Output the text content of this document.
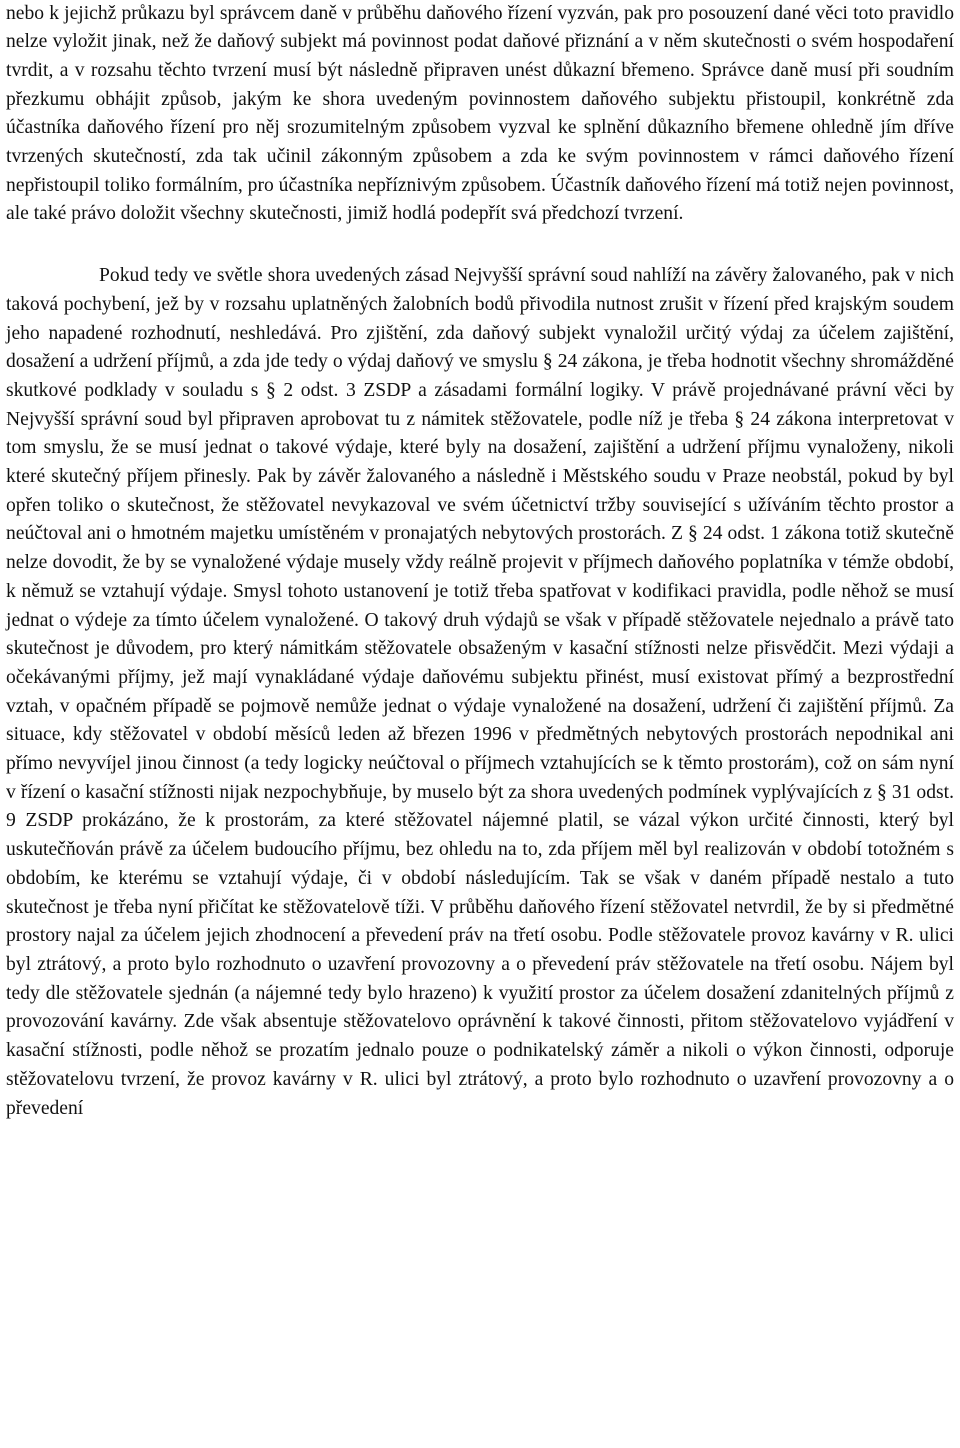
nebo k jejichž průkazu byl správcem daně v průběhu daňového řízení vyzván, pak pro posouzení dané věci toto pravidlo nelze vyložit jinak, než že daňový subjekt má povinnost podat daňové přiznání a v něm skutečnosti o svém hospodaření tvrdit, a v rozsahu těchto tvrzení musí být následně připraven unést důkazní břemeno. Správce daně musí při soudním přezkumu obhájit způsob, jakým ke shora uvedeným povinnostem daňového subjektu přistoupil, konkrétně zda účastníka daňového řízení pro něj srozumitelným způsobem vyzval ke splnění důkazního břemene ohledně jím dříve tvrzených skutečností, zda tak učinil zákonným způsobem a zda ke svým povinnostem v rámci daňového řízení nepřistoupil toliko formálním, pro účastníka nepříznivým způsobem. Účastník daňového řízení má totiž nejen povinnost, ale také právo doložit všechny skutečnosti, jimiž hodlá podepřít svá předchozí tvrzení.

Pokud tedy ve světle shora uvedených zásad Nejvyšší správní soud nahlíží na závěry žalovaného, pak v nich taková pochybení, jež by v rozsahu uplatněných žalobních bodů přivodila nutnost zrušit v řízení před krajským soudem jeho napadené rozhodnutí, neshledává. Pro zjištění, zda daňový subjekt vynaložil určitý výdaj za účelem zajištění, dosažení a udržení příjmů, a zda jde tedy o výdaj daňový ve smyslu § 24 zákona, je třeba hodnotit všechny shromážděné skutkové podklady v souladu s § 2 odst. 3 ZSDP a zásadami formální logiky. V právě projednávané právní věci by Nejvyšší správní soud byl připraven aprobovat tu z námitek stěžovatele, podle níž je třeba § 24 zákona interpretovat v tom smyslu, že se musí jednat o takové výdaje, které byly na dosažení, zajištění a udržení příjmu vynaloženy, nikoli které skutečný příjem přinesly. Pak by závěr žalovaného a následně i Městského soudu v Praze neobstál, pokud by byl opřen toliko o skutečnost, že stěžovatel nevykazoval ve svém účetnictví tržby související s užíváním těchto prostor a neúčtoval ani o hmotném majetku umístěném v pronajatých nebytových prostorách. Z § 24 odst. 1 zákona totiž skutečně nelze dovodit, že by se vynaložené výdaje musely vždy reálně projevit v příjmech daňového poplatníka v témže období, k němuž se vztahují výdaje. Smysl tohoto ustanovení je totiž třeba spatřovat v kodifikaci pravidla, podle něhož se musí jednat o výdeje za tímto účelem vynaložené. O takový druh výdajů se však v případě stěžovatele nejednalo a právě tato skutečnost je důvodem, pro který námitkám stěžovatele obsaženým v kasační stížnosti nelze přisvědčit. Mezi výdaji a očekávanými příjmy, jež mají vynakládané výdaje daňovému subjektu přinést, musí existovat přímý a bezprostřední vztah, v opačném případě se pojmově nemůže jednat o výdaje vynaložené na dosažení, udržení či zajištění příjmů. Za situace, kdy stěžovatel v období měsíců leden až březen 1996 v předmětných nebytových prostorách nepodnikal ani přímo nevyvíjel jinou činnost (a tedy logicky neúčtoval o příjmech vztahujících se k těmto prostorám), což on sám nyní v řízení o kasační stížnosti nijak nezpochybňuje, by muselo být za shora uvedených podmínek vyplývajících z § 31 odst. 9 ZSDP prokázáno, že k prostorám, za které stěžovatel nájemné platil, se vázal výkon určité činnosti, který byl uskutečňován právě za účelem budoucího příjmu, bez ohledu na to, zda příjem měl byl realizován v období totožném s obdobím, ke kterému se vztahují výdaje, či v období následujícím. Tak se však v daném případě nestalo a tuto skutečnost je třeba nyní přičítat ke stěžovatelově tíži. V průběhu daňového řízení stěžovatel netvrdil, že by si předmětné prostory najal za účelem jejich zhodnocení a převedení práv na třetí osobu. Podle stěžovatele provoz kavárny v R. ulici byl ztrátový, a proto bylo rozhodnuto o uzavření provozovny a o převedení práv stěžovatele na třetí osobu. Nájem byl tedy dle stěžovatele sjednán (a nájemné tedy bylo hrazeno) k využití prostor za účelem dosažení zdanitelných příjmů z provozování kavárny. Zde však absentuje stěžovatelovo oprávnění k takové činnosti, přitom stěžovatelovo vyjádření v kasační stížnosti, podle něhož se prozatím jednalo pouze o podnikatelský záměr a nikoli o výkon činnosti, odporuje stěžovatelovu tvrzení, že provoz kavárny v R. ulici byl ztrátový, a proto bylo rozhodnuto o uzavření provozovny a o převedení
